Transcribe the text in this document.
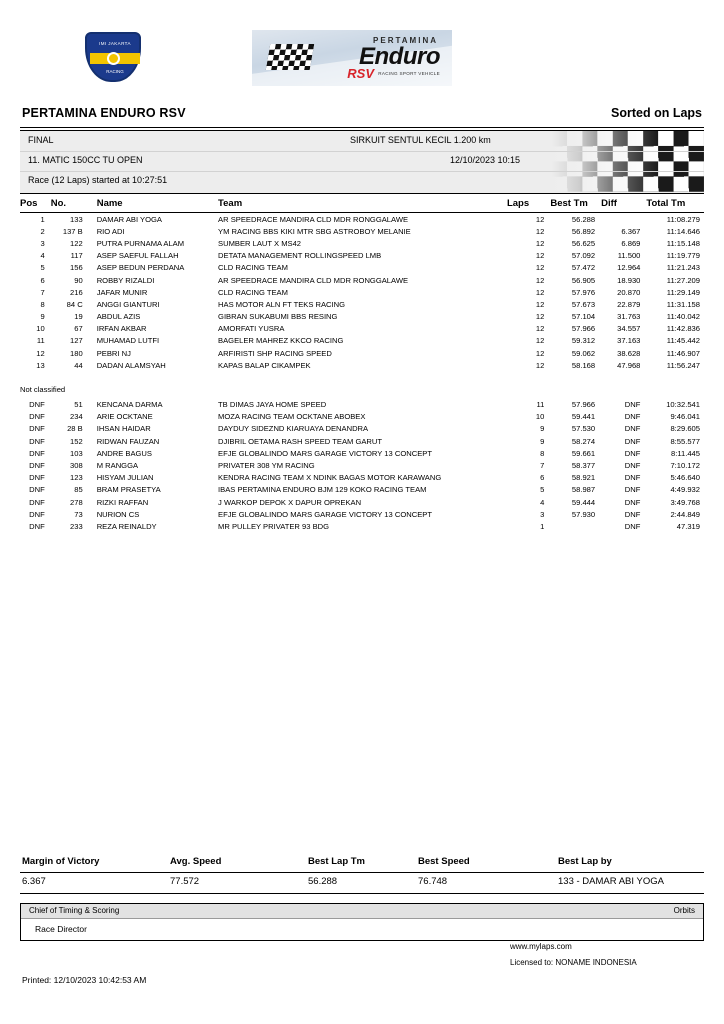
IMI JAKARTA
RACING
PERTAMINA
Enduro
RSV RACING SPORT VEHICLE
PERTAMINA ENDURO RSV	Sorted on Laps
FINAL	SIRKUIT SENTUL KECIL 1.200 km
11. MATIC 150CC TU OPEN	12/10/2023 10:15
Race (12 Laps) started at 10:27:51
Pos	No.	Name	Team	Laps	Best Tm	Diff	Total Tm
1	133	DAMAR ABI YOGA	AR SPEEDRACE MANDIRA CLD MDR RONGGALAWE	12	56.288		11:08.279
2	137 B	RIO ADI	YM RACING BBS KIKI MTR SBG ASTROBOY MELANIE	12	56.892	6.367	11:14.646
3	122	PUTRA PURNAMA ALAM	SUMBER LAUT X MS42	12	56.625	6.869	11:15.148
4	117	ASEP SAEFUL FALLAH	DETATA MANAGEMENT ROLLINGSPEED LMB	12	57.092	11.500	11:19.779
5	156	ASEP BEDUN PERDANA	CLD RACING TEAM	12	57.472	12.964	11:21.243
6	90	ROBBY RIZALDI	AR SPEEDRACE MANDIRA CLD MDR RONGGALAWE	12	56.905	18.930	11:27.209
7	216	JAFAR MUNIR	CLD RACING TEAM	12	57.976	20.870	11:29.149
8	84 C	ANGGI GIANTURI	HAS MOTOR ALN FT TEKS RACING	12	57.673	22.879	11:31.158
9	19	ABDUL AZIS	GIBRAN SUKABUMI BBS RESING	12	57.104	31.763	11:40.042
10	67	IRFAN AKBAR	AMORFATI YUSRA	12	57.966	34.557	11:42.836
11	127	MUHAMAD LUTFI	BAGELER MAHREZ KKCO RACING	12	59.312	37.163	11:45.442
12	180	PEBRI NJ	ARFIRISTI SHP RACING SPEED	12	59.062	38.628	11:46.907
13	44	DADAN ALAMSYAH	KAPAS BALAP CIKAMPEK	12	58.168	47.968	11:56.247
Not classified							
DNF	51	KENCANA DARMA	TB DIMAS JAYA HOME SPEED	11	57.966	DNF	10:32.541
DNF	234	ARIE OCKTANE	MOZA RACING TEAM OCKTANE ABOBEX	10	59.441	DNF	9:46.041
DNF	28 B	IHSAN HAIDAR	DAYDUY SIDEZND KIARUAYA DENANDRA	9	57.530	DNF	8:29.605
DNF	152	RIDWAN FAUZAN	DJIBRIL OETAMA RASH SPEED TEAM GARUT	9	58.274	DNF	8:55.577
DNF	103	ANDRE BAGUS	EFJE GLOBALINDO MARS GARAGE VICTORY 13 CONCEPT	8	59.661	DNF	8:11.445
DNF	308	M RANGGA	PRIVATER 308 YM RACING	7	58.377	DNF	7:10.172
DNF	123	HISYAM JULIAN	KENDRA RACING TEAM X NDINK BAGAS MOTOR KARAWANG	6	58.921	DNF	5:46.640
DNF	85	BRAM PRASETYA	IBAS PERTAMINA ENDURO BJM 129 KOKO RACING TEAM	5	58.987	DNF	4:49.932
DNF	278	RIZKI RAFFAN	J WARKOP DEPOK X DAPUR OPREKAN	4	59.444	DNF	3:49.768
DNF	73	NURION CS	EFJE GLOBALINDO MARS GARAGE VICTORY 13 CONCEPT	3	57.930	DNF	2:44.849
DNF	233	REZA REINALDY	MR PULLEY PRIVATER 93 BDG	1		DNF	47.319
Margin of Victory	Avg. Speed	Best Lap Tm	Best Speed	Best Lap by
6.367	77.572	56.288	76.748	133 - DAMAR ABI YOGA
Chief of Timing & Scoring	Orbits
Race Director
www.mylaps.com
Licensed to: NONAME INDONESIA
Printed: 12/10/2023 10:42:53 AM
